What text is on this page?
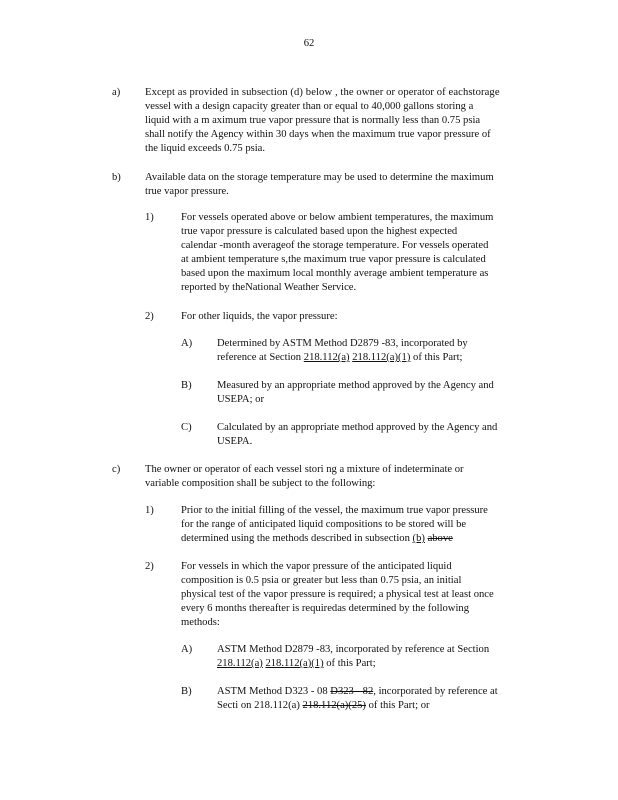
62
a) Except as provided in subsection (d) below , the owner or operator of eachstorage
vessel with a design capacity greater than or equal to 40,000 gallons storing a
liquid with a m aximum true vapor pressure that is normally less than 0.75 psia
shall notify the Agency within 30 days when the maximum true vapor pressure of
the liquid exceeds 0.75 psia.
b) Available data on the storage temperature may be used to determine the maximum
true vapor pressure.
1)	For vessels operated above or below ambient temperatures, the maximum
true vapor pressure is calculated based upon the highest expected
calendar -month averageof the storage temperature. For vessels operated
at ambient temperature s,the maximum true vapor pressure is calculated
based upon the maximum local monthly average ambient temperature as
reported by theNational Weather Service.
2)	For other liquids, the vapor pressure:
A) Determined by ASTM Method D2879 -83, incorporated by
reference at Section 218.112(a) 218.112(a)(1) of this Part;
B) Measured by an appropriate method approved by the Agency and
USEPA; or
C) Calculated by an appropriate method approved by the Agency and
USEPA.
c) The owner or operator of each vessel stori ng a mixture of indeterminate or
variable composition shall be subject to the following:
1)	Prior to the initial filling of the vessel, the maximum true vapor pressure
for the range of anticipated liquid compositions to be stored will be
determined using the methods described in subsection (b) above
2)	For vessels in which the vapor pressure of the anticipated liquid
composition is 0.5 psia or greater but less than 0.75 psia, an initial
physical test of the vapor pressure is required; a physical test at least once
every 6 months thereafter is requiredas determined by the following
methods:
A) ASTM Method D2879 -83, incorporated by reference at Section
218.112(a) 218.112(a)(1) of this Part;
B) ASTM Method D323 - 08 D323 - 82, incorporated by reference at
Secti on 218.112(a) 218.112(a)(25) of this Part; or
